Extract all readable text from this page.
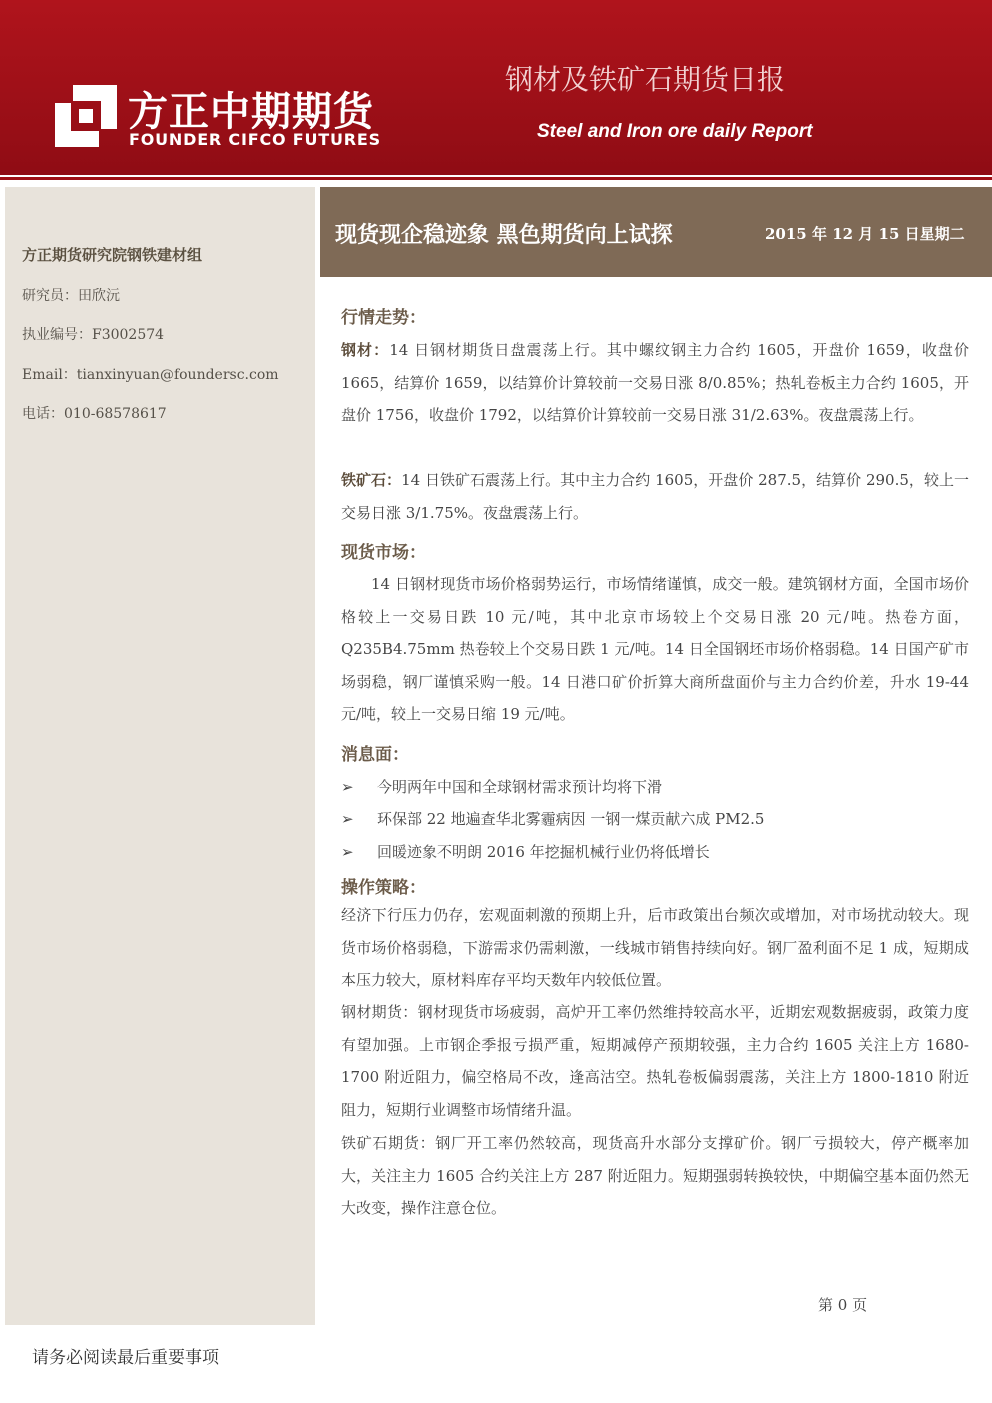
方正中期期货
FOUNDER CIFCO FUTURES
钢材及铁矿石期货日报
Steel and Iron ore daily Report
方正期货研究院钢铁建材组
研究员：田欣沅
执业编号：F3002574
Email：tianxinyuan@foundersc.com
电话：010-68578617
现货现企稳迹象 黑色期货向上试探	2015 年 12 月 15 日星期二
行情走势：

钢材：14 日钢材期货日盘震荡上行。其中螺纹钢主力合约 1605，开盘价 1659，收盘价 1665，结算价 1659，以结算价计算较前一交易日涨 8/0.85%；热轧卷板主力合约 1605，开盘价 1756，收盘价 1792，以结算价计算较前一交易日涨 31/2.63%。夜盘震荡上行。

铁矿石：14 日铁矿石震荡上行。其中主力合约 1605，开盘价 287.5，结算价 290.5，较上一交易日涨 3/1.75%。夜盘震荡上行。

现货市场：

14 日钢材现货市场价格弱势运行，市场情绪谨慎，成交一般。建筑钢材方面，全国市场价格较上一交易日跌 10 元/吨，其中北京市场较上个交易日涨 20 元/吨。热卷方面，Q235B4.75mm 热卷较上个交易日跌 1 元/吨。14 日全国钢坯市场价格弱稳。14 日国产矿市场弱稳，钢厂谨慎采购一般。14 日港口矿价折算大商所盘面价与主力合约价差，升水 19-44 元/吨，较上一交易日缩 19 元/吨。

消息面：
➢ 今明两年中国和全球钢材需求预计均将下滑
➢ 环保部 22 地遍查华北雾霾病因 一钢一煤贡献六成 PM2.5
➢ 回暖迹象不明朗 2016 年挖掘机械行业仍将低增长
操作策略：

经济下行压力仍存，宏观面刺激的预期上升，后市政策出台频次或增加，对市场扰动较大。现货市场价格弱稳，下游需求仍需刺激，一线城市销售持续向好。钢厂盈利面不足 1 成，短期成本压力较大，原材料库存平均天数年内较低位置。

钢材期货：钢材现货市场疲弱，高炉开工率仍然维持较高水平，近期宏观数据疲弱，政策力度有望加强。上市钢企季报亏损严重，短期减停产预期较强，主力合约 1605 关注上方 1680-1700 附近阻力，偏空格局不改，逢高沽空。热轧卷板偏弱震荡，关注上方 1800-1810 附近阻力，短期行业调整市场情绪升温。

铁矿石期货：钢厂开工率仍然较高，现货高升水部分支撑矿价。钢厂亏损较大，停产概率加大，关注主力 1605 合约关注上方 287 附近阻力。短期强弱转换较快，中期偏空基本面仍然无大改变，操作注意仓位。

第 0 页
请务必阅读最后重要事项
